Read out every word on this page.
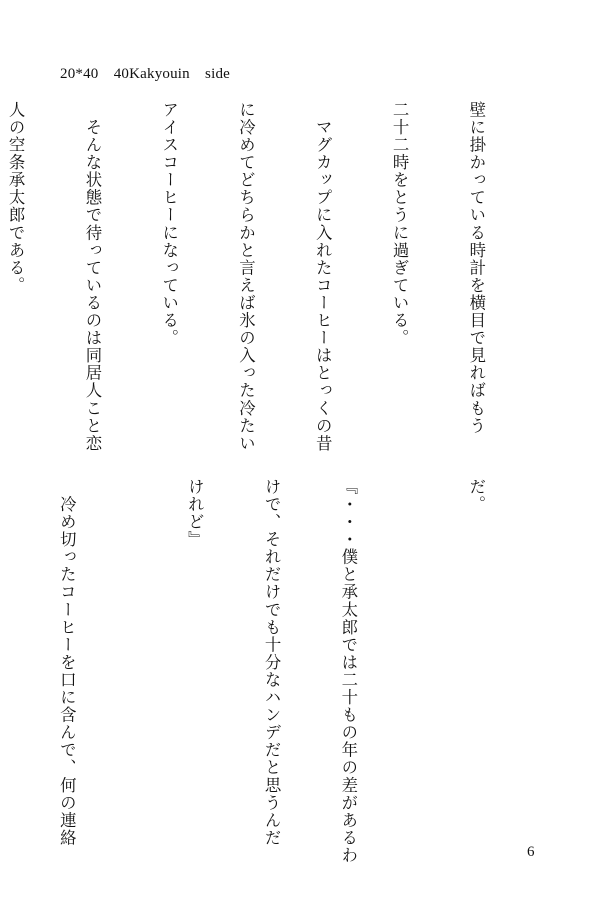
20*40　40Kakyouin　side

壁に掛かっている時計を横目で見ればもう

二十二時をとうに過ぎている。

　マグカップに入れたコーヒーはとっくの昔

に冷めてどちらかと言えば氷の入った冷たい

アイスコーヒーになっている。

　そんな状態で待っているのは同居人こと恋

人の空条承太郎である。

だ。

『・・・僕と承太郎では二十もの年の差があるわ

けで、それだけでも十分なハンデだと思うんだ

けれど』

　冷め切ったコーヒーを口に含んで、何の連絡

6
